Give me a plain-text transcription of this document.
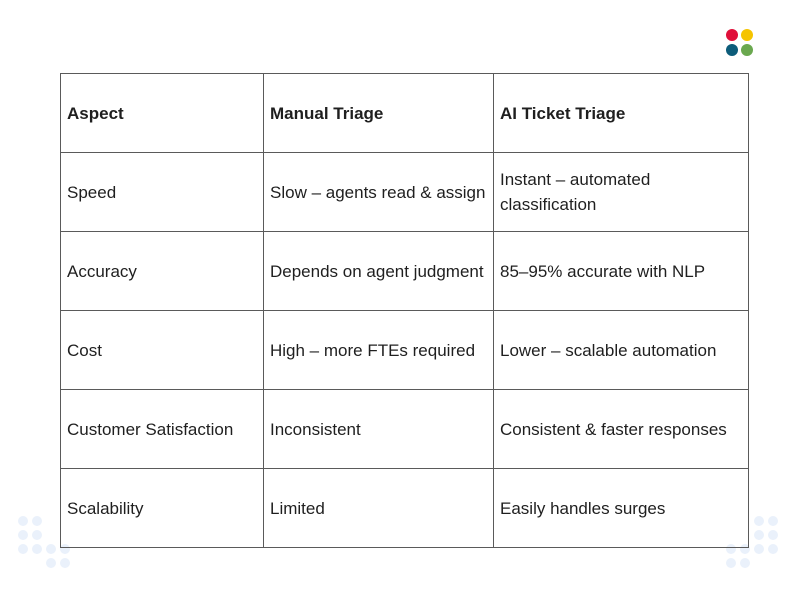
Aspect	Manual Triage	AI Ticket Triage
Speed	Slow – agents read & assign	Instant – automated classification
Accuracy	Depends on agent judgment	85–95% accurate with NLP
Cost	High – more FTEs required	Lower – scalable automation
Customer Satisfaction	Inconsistent	Consistent & faster responses
Scalability	Limited	Easily handles surges
